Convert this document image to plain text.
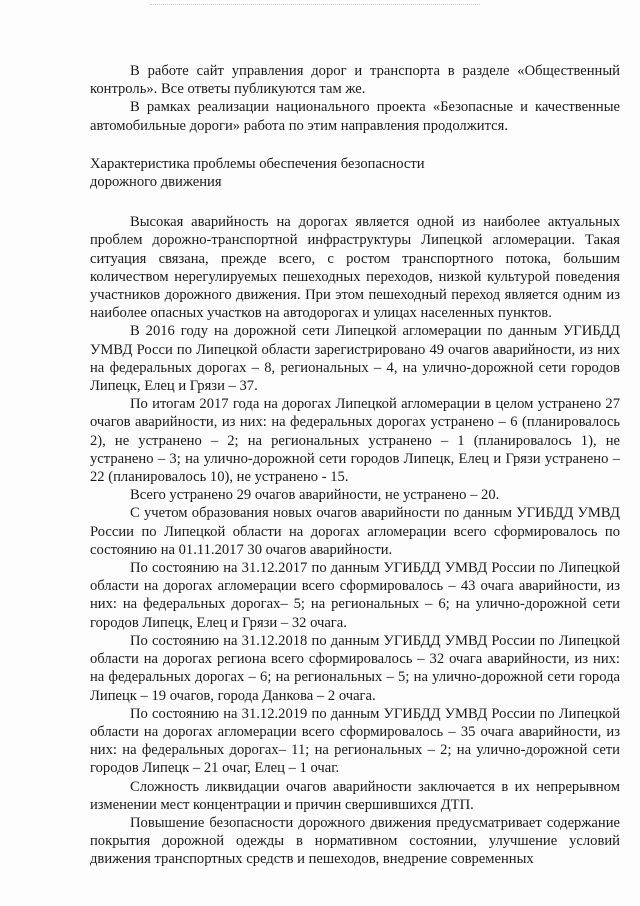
В работе сайт управления дорог и транспорта в разделе «Общественный контроль». Все ответы публикуются там же.

В рамках реализации национального проекта «Безопасные и качественные автомобильные дороги» работа по этим направления продолжится.

Характеристика проблемы обеспечения безопасности
дорожного движения

Высокая аварийность на дорогах является одной из наиболее актуальных проблем дорожно-транспортной инфраструктуры Липецкой агломерации. Такая ситуация связана, прежде всего, с ростом транспортного потока, большим количеством нерегулируемых пешеходных переходов, низкой культурой поведения участников дорожного движения. При этом пешеходный переход является одним из наиболее опасных участков на автодорогах и улицах населенных пунктов.

В 2016 году на дорожной сети Липецкой агломерации по данным УГИБДД УМВД Росси по Липецкой области зарегистрировано 49 очагов аварийности, из них на федеральных дорогах – 8, региональных – 4, на улично-дорожной сети городов Липецк, Елец и Грязи – 37.

По итогам 2017 года на дорогах Липецкой агломерации в целом устранено 27 очагов аварийности, из них: на федеральных дорогах устранено – 6 (планировалось 2), не устранено – 2; на региональных устранено – 1 (планировалось 1), не устранено – 3; на улично-дорожной сети городов Липецк, Елец и Грязи устранено – 22 (планировалось 10), не устранено - 15.

Всего устранено 29 очагов аварийности, не устранено – 20.

С учетом образования новых очагов аварийности по данным УГИБДД УМВД России по Липецкой области на дорогах агломерации всего сформировалось по состоянию на 01.11.2017 30 очагов аварийности.

По состоянию на 31.12.2017 по данным УГИБДД УМВД России по Липецкой области на дорогах агломерации всего сформировалось – 43 очага аварийности, из них: на федеральных дорогах– 5; на региональных – 6; на улично-дорожной сети городов Липецк, Елец и Грязи – 32 очага.

По состоянию на 31.12.2018 по данным УГИБДД УМВД России по Липецкой области на дорогах региона всего сформировалось – 32 очага аварийности, из них: на федеральных дорогах – 6; на региональных – 5; на улично-дорожной сети города Липецк – 19 очагов, города Данкова – 2 очага.

По состоянию на 31.12.2019 по данным УГИБДД УМВД России по Липецкой области на дорогах агломерации всего сформировалось – 35 очага аварийности, из них: на федеральных дорогах– 11; на региональных – 2; на улично-дорожной сети городов Липецк – 21 очаг, Елец – 1 очаг.

Сложность ликвидации очагов аварийности заключается в их непрерывном изменении мест концентрации и причин свершившихся ДТП.

Повышение безопасности дорожного движения предусматривает содержание покрытия дорожной одежды в нормативном состоянии, улучшение условий движения транспортных средств и пешеходов, внедрение современных
